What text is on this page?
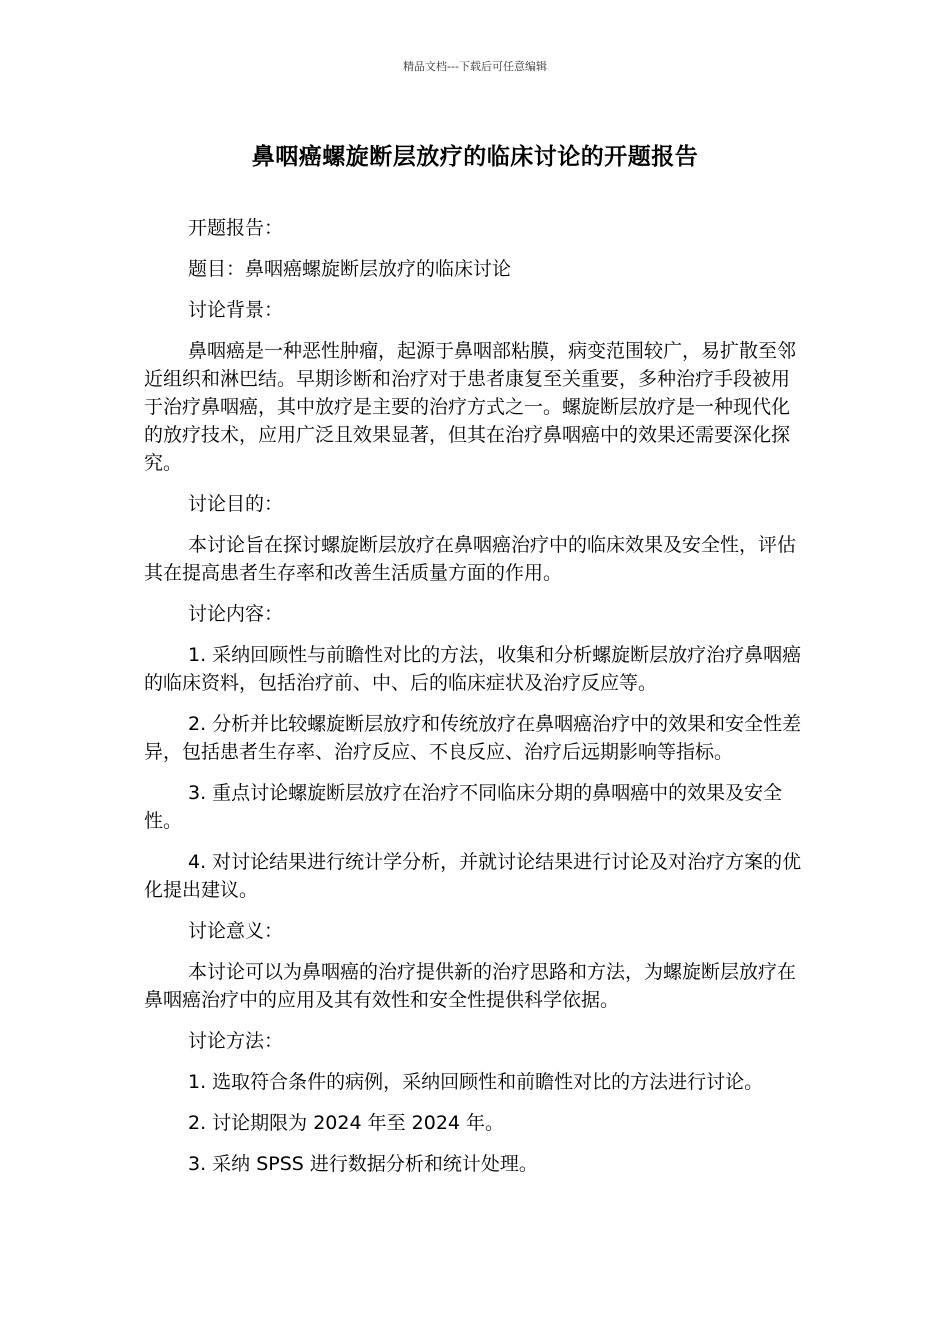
精品文档---下载后可任意编辑
鼻咽癌螺旋断层放疗的临床讨论的开题报告

开题报告：

题目：鼻咽癌螺旋断层放疗的临床讨论

讨论背景：

鼻咽癌是一种恶性肿瘤，起源于鼻咽部粘膜，病变范围较广，易扩散至邻近组织和淋巴结。早期诊断和治疗对于患者康复至关重要，多种治疗手段被用于治疗鼻咽癌，其中放疗是主要的治疗方式之一。螺旋断层放疗是一种现代化的放疗技术，应用广泛且效果显著，但其在治疗鼻咽癌中的效果还需要深化探究。

讨论目的：

本讨论旨在探讨螺旋断层放疗在鼻咽癌治疗中的临床效果及安全性，评估其在提高患者生存率和改善生活质量方面的作用。

讨论内容：

1. 采纳回顾性与前瞻性对比的方法，收集和分析螺旋断层放疗治疗鼻咽癌的临床资料，包括治疗前、中、后的临床症状及治疗反应等。

2. 分析并比较螺旋断层放疗和传统放疗在鼻咽癌治疗中的效果和安全性差异，包括患者生存率、治疗反应、不良反应、治疗后远期影响等指标。

3. 重点讨论螺旋断层放疗在治疗不同临床分期的鼻咽癌中的效果及安全性。

4. 对讨论结果进行统计学分析，并就讨论结果进行讨论及对治疗方案的优化提出建议。

讨论意义：

本讨论可以为鼻咽癌的治疗提供新的治疗思路和方法，为螺旋断层放疗在鼻咽癌治疗中的应用及其有效性和安全性提供科学依据。

讨论方法：

1. 选取符合条件的病例，采纳回顾性和前瞻性对比的方法进行讨论。

2. 讨论期限为 2024 年至 2024 年。

3. 采纳 SPSS 进行数据分析和统计处理。
